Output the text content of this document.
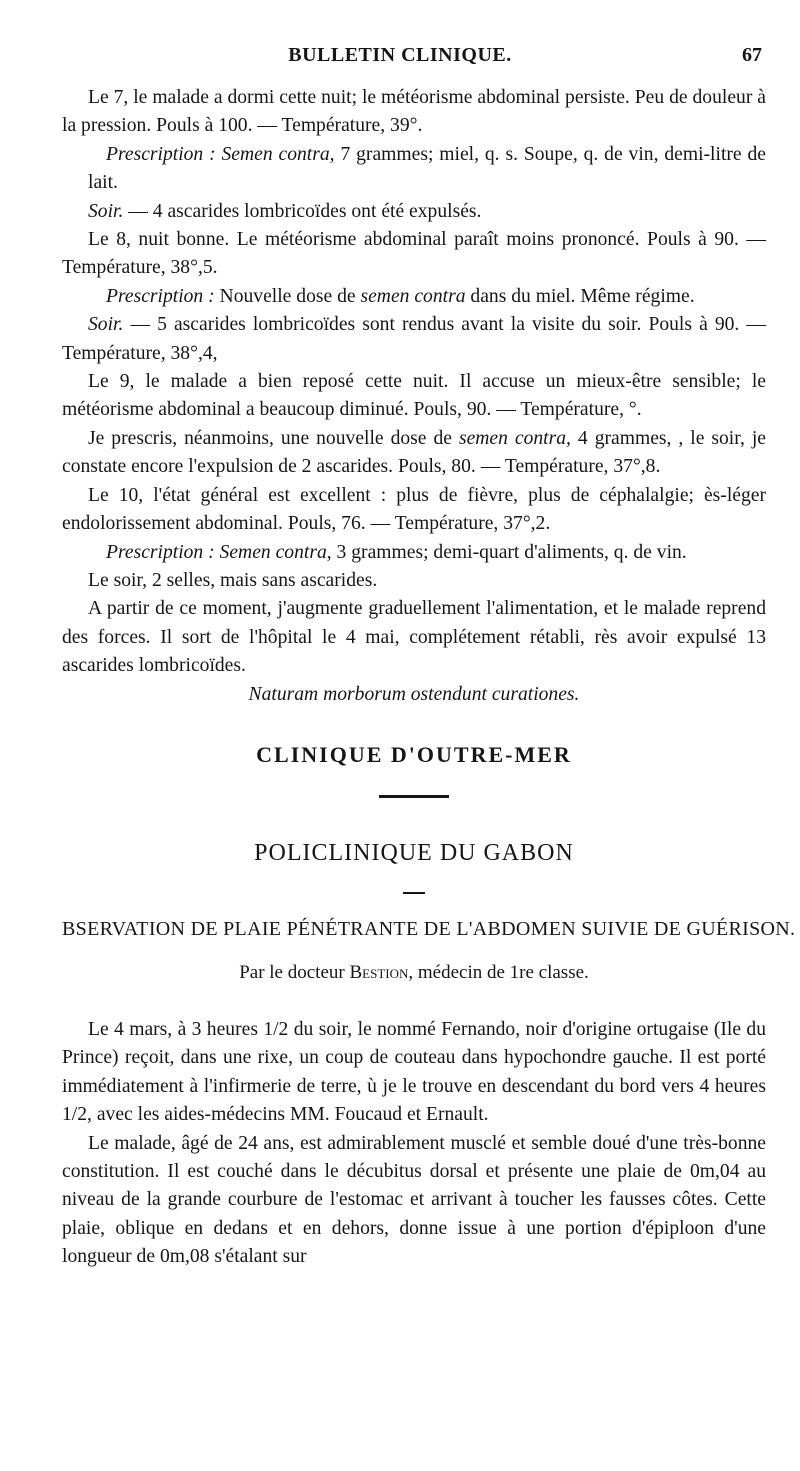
BULLETIN CLINIQUE.	67

Le 7, le malade a dormi cette nuit; le météorisme abdominal persiste. Peu de douleur à la pression. Pouls à 100. — Température, 39°.

Prescription : Semen contra, 7 grammes; miel, q. s. Soupe, q. de vin, demi-litre de lait.

Soir. — 4 ascarides lombricoïdes ont été expulsés.

Le 8, nuit bonne. Le météorisme abdominal paraît moins prononcé. Pouls à 90. — Température, 38°,5.

Prescription : Nouvelle dose de semen contra dans du miel. Même régime.

Soir. — 5 ascarides lombricoïdes sont rendus avant la visite du soir. Pouls à 90. — Température, 38°,4,

Le 9, le malade a bien reposé cette nuit. Il accuse un mieux-être sensible; le météorisme abdominal a beaucoup diminué. Pouls, 90. — Température, °.

Je prescris, néanmoins, une nouvelle dose de semen contra, 4 grammes, , le soir, je constate encore l'expulsion de 2 ascarides. Pouls, 80. — Température, 37°,8.

Le 10, l'état général est excellent : plus de fièvre, plus de céphalalgie; ès-léger endolorissement abdominal. Pouls, 76. — Température, 37°,2.

Prescription : Semen contra, 3 grammes; demi-quart d'aliments, q. de vin.

Le soir, 2 selles, mais sans ascarides.

A partir de ce moment, j'augmente graduellement l'alimentation, et le malade reprend des forces. Il sort de l'hôpital le 4 mai, complétement rétabli, rès avoir expulsé 13 ascarides lombricoïdes.

Naturam morborum ostendunt curationes.

CLINIQUE D'OUTRE-MER
POLICLINIQUE DU GABON
BSERVATION DE PLAIE PÉNÉTRANTE DE L'ABDOMEN SUIVIE DE GUÉRISON.
Par le docteur Bestion, médecin de 1re classe.

Le 4 mars, à 3 heures 1/2 du soir, le nommé Fernando, noir d'origine ortugaise (Ile du Prince) reçoit, dans une rixe, un coup de couteau dans hypochondre gauche. Il est porté immédiatement à l'infirmerie de terre, ù je le trouve en descendant du bord vers 4 heures 1/2, avec les aides-médecins MM. Foucaud et Ernault.

Le malade, âgé de 24 ans, est admirablement musclé et semble doué d'une très-bonne constitution. Il est couché dans le décubitus dorsal et présente une plaie de 0m,04 au niveau de la grande courbure de l'estomac et arrivant à toucher les fausses côtes. Cette plaie, oblique en dedans et en dehors, donne issue à une portion d'épiploon d'une longueur de 0m,08 s'étalant sur
